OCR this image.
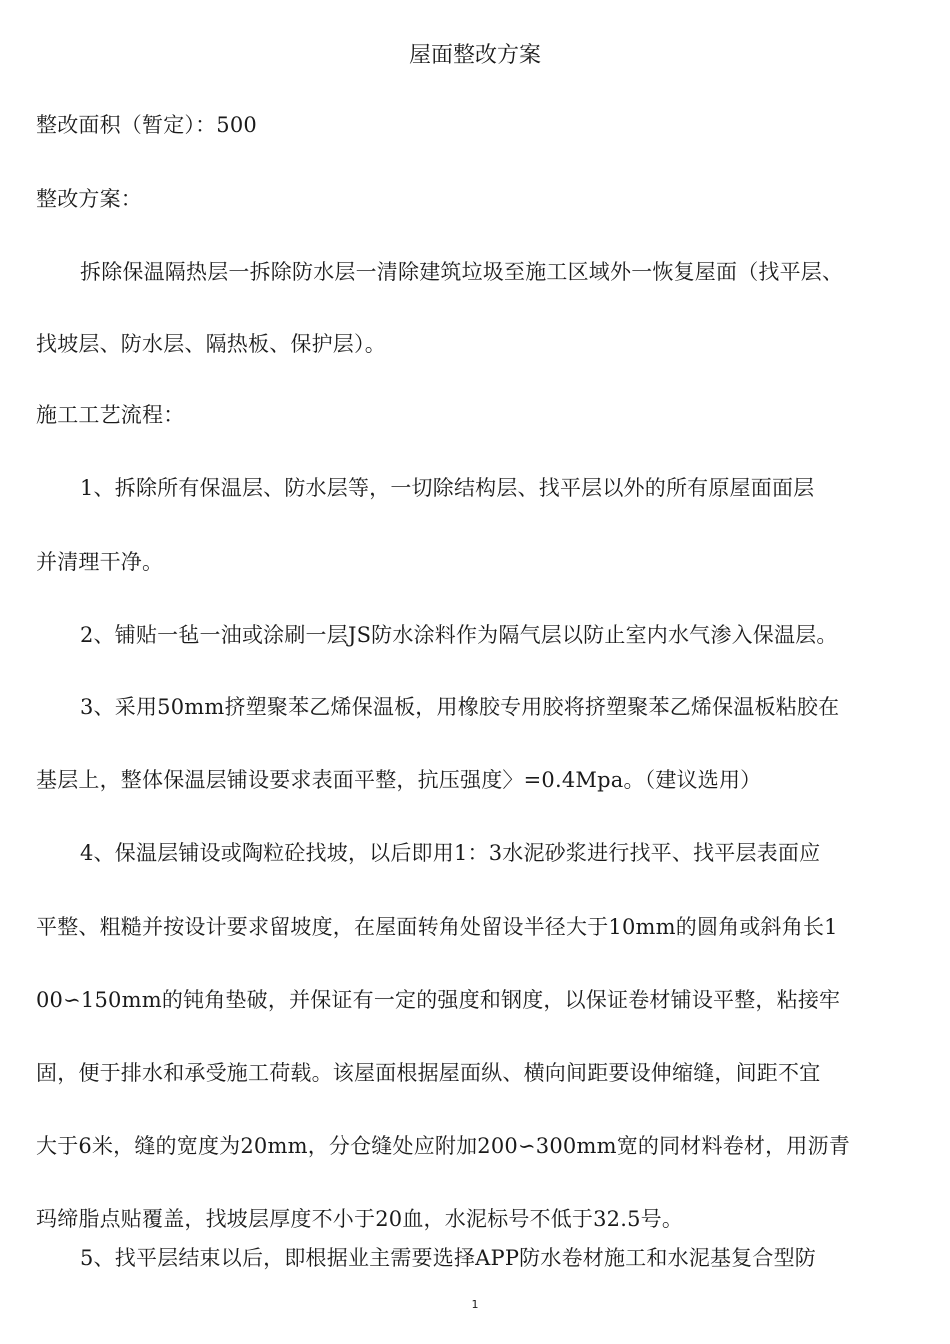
屋面整改方案
整改面积（暂定）：500
整改方案：
拆除保温隔热层一拆除防水层一清除建筑垃圾至施工区域外一恢复屋面（找平层、
找坡层、防水层、隔热板、保护层）。
施工工艺流程：
1、拆除所有保温层、防水层等，一切除结构层、找平层以外的所有原屋面面层
并清理干净。
2、铺贴一毡一油或涂刷一层JS防水涂料作为隔气层以防止室内水气渗入保温层。
3、采用50mm挤塑聚苯乙烯保温板，用橡胶专用胶将挤塑聚苯乙烯保温板粘胶在
基层上，整体保温层铺设要求表面平整，抗压强度〉=0.4Mpa。（建议选用）
4、保温层铺设或陶粒砼找坡，以后即用1：3水泥砂浆进行找平、找平层表面应
平整、粗糙并按设计要求留坡度，在屋面转角处留设半径大于10mm的圆角或斜角长1
00∽150mm的钝角垫破，并保证有一定的强度和钢度，以保证卷材铺设平整，粘接牢
固，便于排水和承受施工荷载。该屋面根据屋面纵、横向间距要设伸缩缝，间距不宜
大于6米，缝的宽度为20mm，分仓缝处应附加200∽300mm宽的同材料卷材，用沥青
玛缔脂点贴覆盖，找坡层厚度不小于20血，水泥标号不低于32.5号。
5、找平层结束以后，即根据业主需要选择APP防水卷材施工和水泥基复合型防
1
